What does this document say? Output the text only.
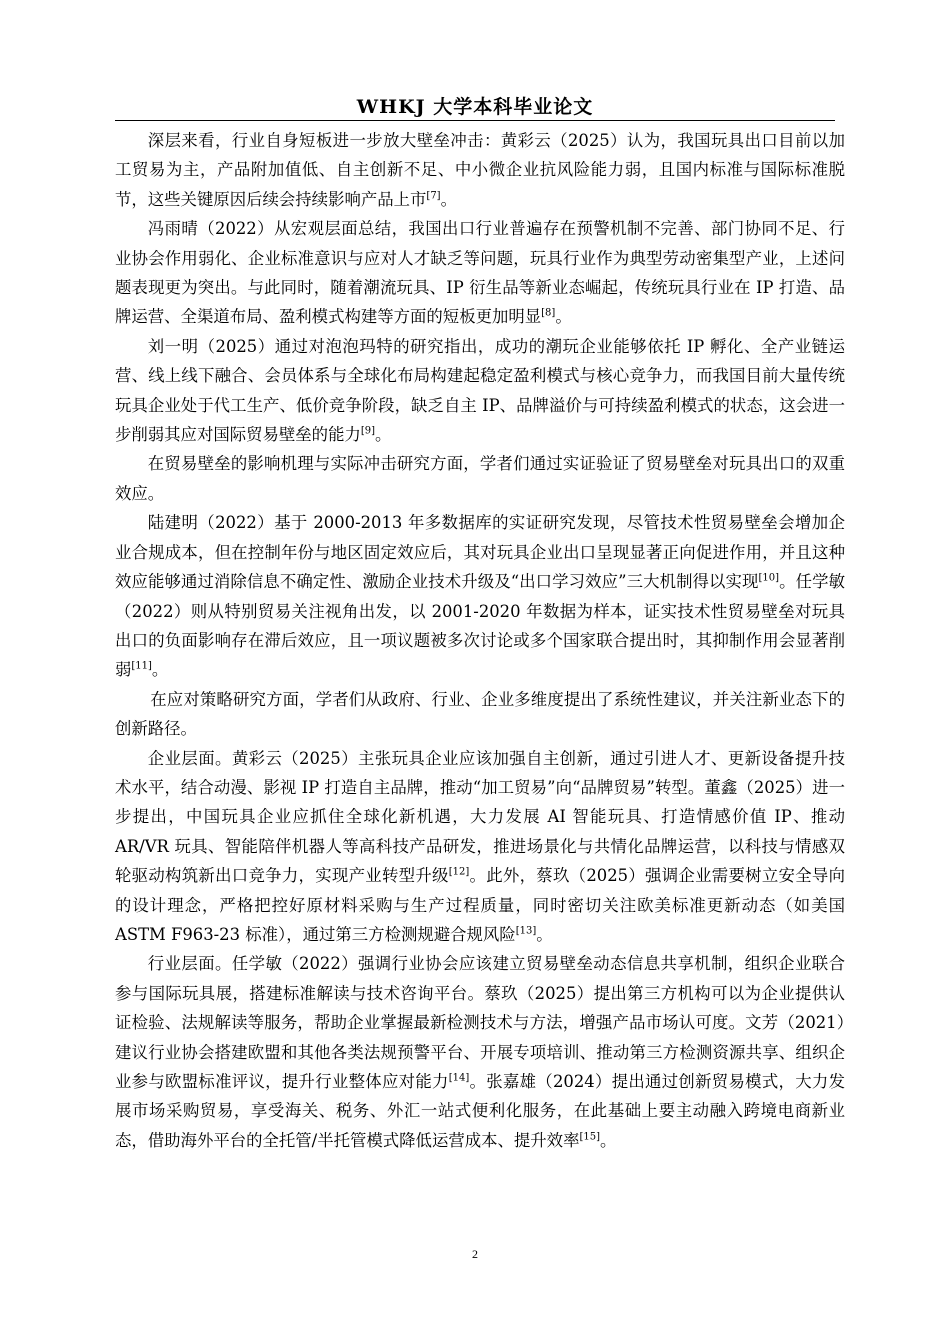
WHKJ 大学本科毕业论文

深层来看，行业自身短板进一步放大壁垒冲击：黄彩云（2025）认为，我国玩具出口目前以加工贸易为主，产品附加值低、自主创新不足、中小微企业抗风险能力弱，且国内标准与国际标准脱节，这些关键原因后续会持续影响产品上市[7]。

冯雨晴（2022）从宏观层面总结，我国出口行业普遍存在预警机制不完善、部门协同不足、行业协会作用弱化、企业标准意识与应对人才缺乏等问题，玩具行业作为典型劳动密集型产业，上述问题表现更为突出。与此同时，随着潮流玩具、IP 衍生品等新业态崛起，传统玩具行业在 IP 打造、品牌运营、全渠道布局、盈利模式构建等方面的短板更加明显[8]。

刘一明（2025）通过对泡泡玛特的研究指出，成功的潮玩企业能够依托 IP 孵化、全产业链运营、线上线下融合、会员体系与全球化布局构建起稳定盈利模式与核心竞争力，而我国目前大量传统玩具企业处于代工生产、低价竞争阶段，缺乏自主 IP、品牌溢价与可持续盈利模式的状态，这会进一步削弱其应对国际贸易壁垒的能力[9]。

在贸易壁垒的影响机理与实际冲击研究方面，学者们通过实证验证了贸易壁垒对玩具出口的双重效应。

陆建明（2022）基于 2000-2013 年多数据库的实证研究发现，尽管技术性贸易壁垒会增加企业合规成本，但在控制年份与地区固定效应后，其对玩具企业出口呈现显著正向促进作用，并且这种效应能够通过消除信息不确定性、激励企业技术升级及“出口学习效应”三大机制得以实现[10]。任学敏（2022）则从特别贸易关注视角出发，以 2001-2020 年数据为样本，证实技术性贸易壁垒对玩具出口的负面影响存在滞后效应，且一项议题被多次讨论或多个国家联合提出时，其抑制作用会显著削弱[11]。

在应对策略研究方面，学者们从政府、行业、企业多维度提出了系统性建议，并关注新业态下的创新路径。

企业层面。黄彩云（2025）主张玩具企业应该加强自主创新，通过引进人才、更新设备提升技术水平，结合动漫、影视 IP 打造自主品牌，推动“加工贸易”向“品牌贸易”转型。董鑫（2025）进一步提出，中国玩具企业应抓住全球化新机遇，大力发展 AI 智能玩具、打造情感价值 IP、推动 AR/VR 玩具、智能陪伴机器人等高科技产品研发，推进场景化与共情化品牌运营，以科技与情感双轮驱动构筑新出口竞争力，实现产业转型升级[12]。此外，蔡玖（2025）强调企业需要树立安全导向的设计理念，严格把控好原材料采购与生产过程质量，同时密切关注欧美标准更新动态（如美国 ASTM F963-23 标准），通过第三方检测规避合规风险[13]。

行业层面。任学敏（2022）强调行业协会应该建立贸易壁垒动态信息共享机制，组织企业联合参与国际玩具展，搭建标准解读与技术咨询平台。蔡玖（2025）提出第三方机构可以为企业提供认证检验、法规解读等服务，帮助企业掌握最新检测技术与方法，增强产品市场认可度。文芳（2021）建议行业协会搭建欧盟和其他各类法规预警平台、开展专项培训、推动第三方检测资源共享、组织企业参与欧盟标准评议，提升行业整体应对能力[14]。张嘉雄（2024）提出通过创新贸易模式，大力发展市场采购贸易，享受海关、税务、外汇一站式便利化服务，在此基础上要主动融入跨境电商新业态，借助海外平台的全托管/半托管模式降低运营成本、提升效率[15]。

2
